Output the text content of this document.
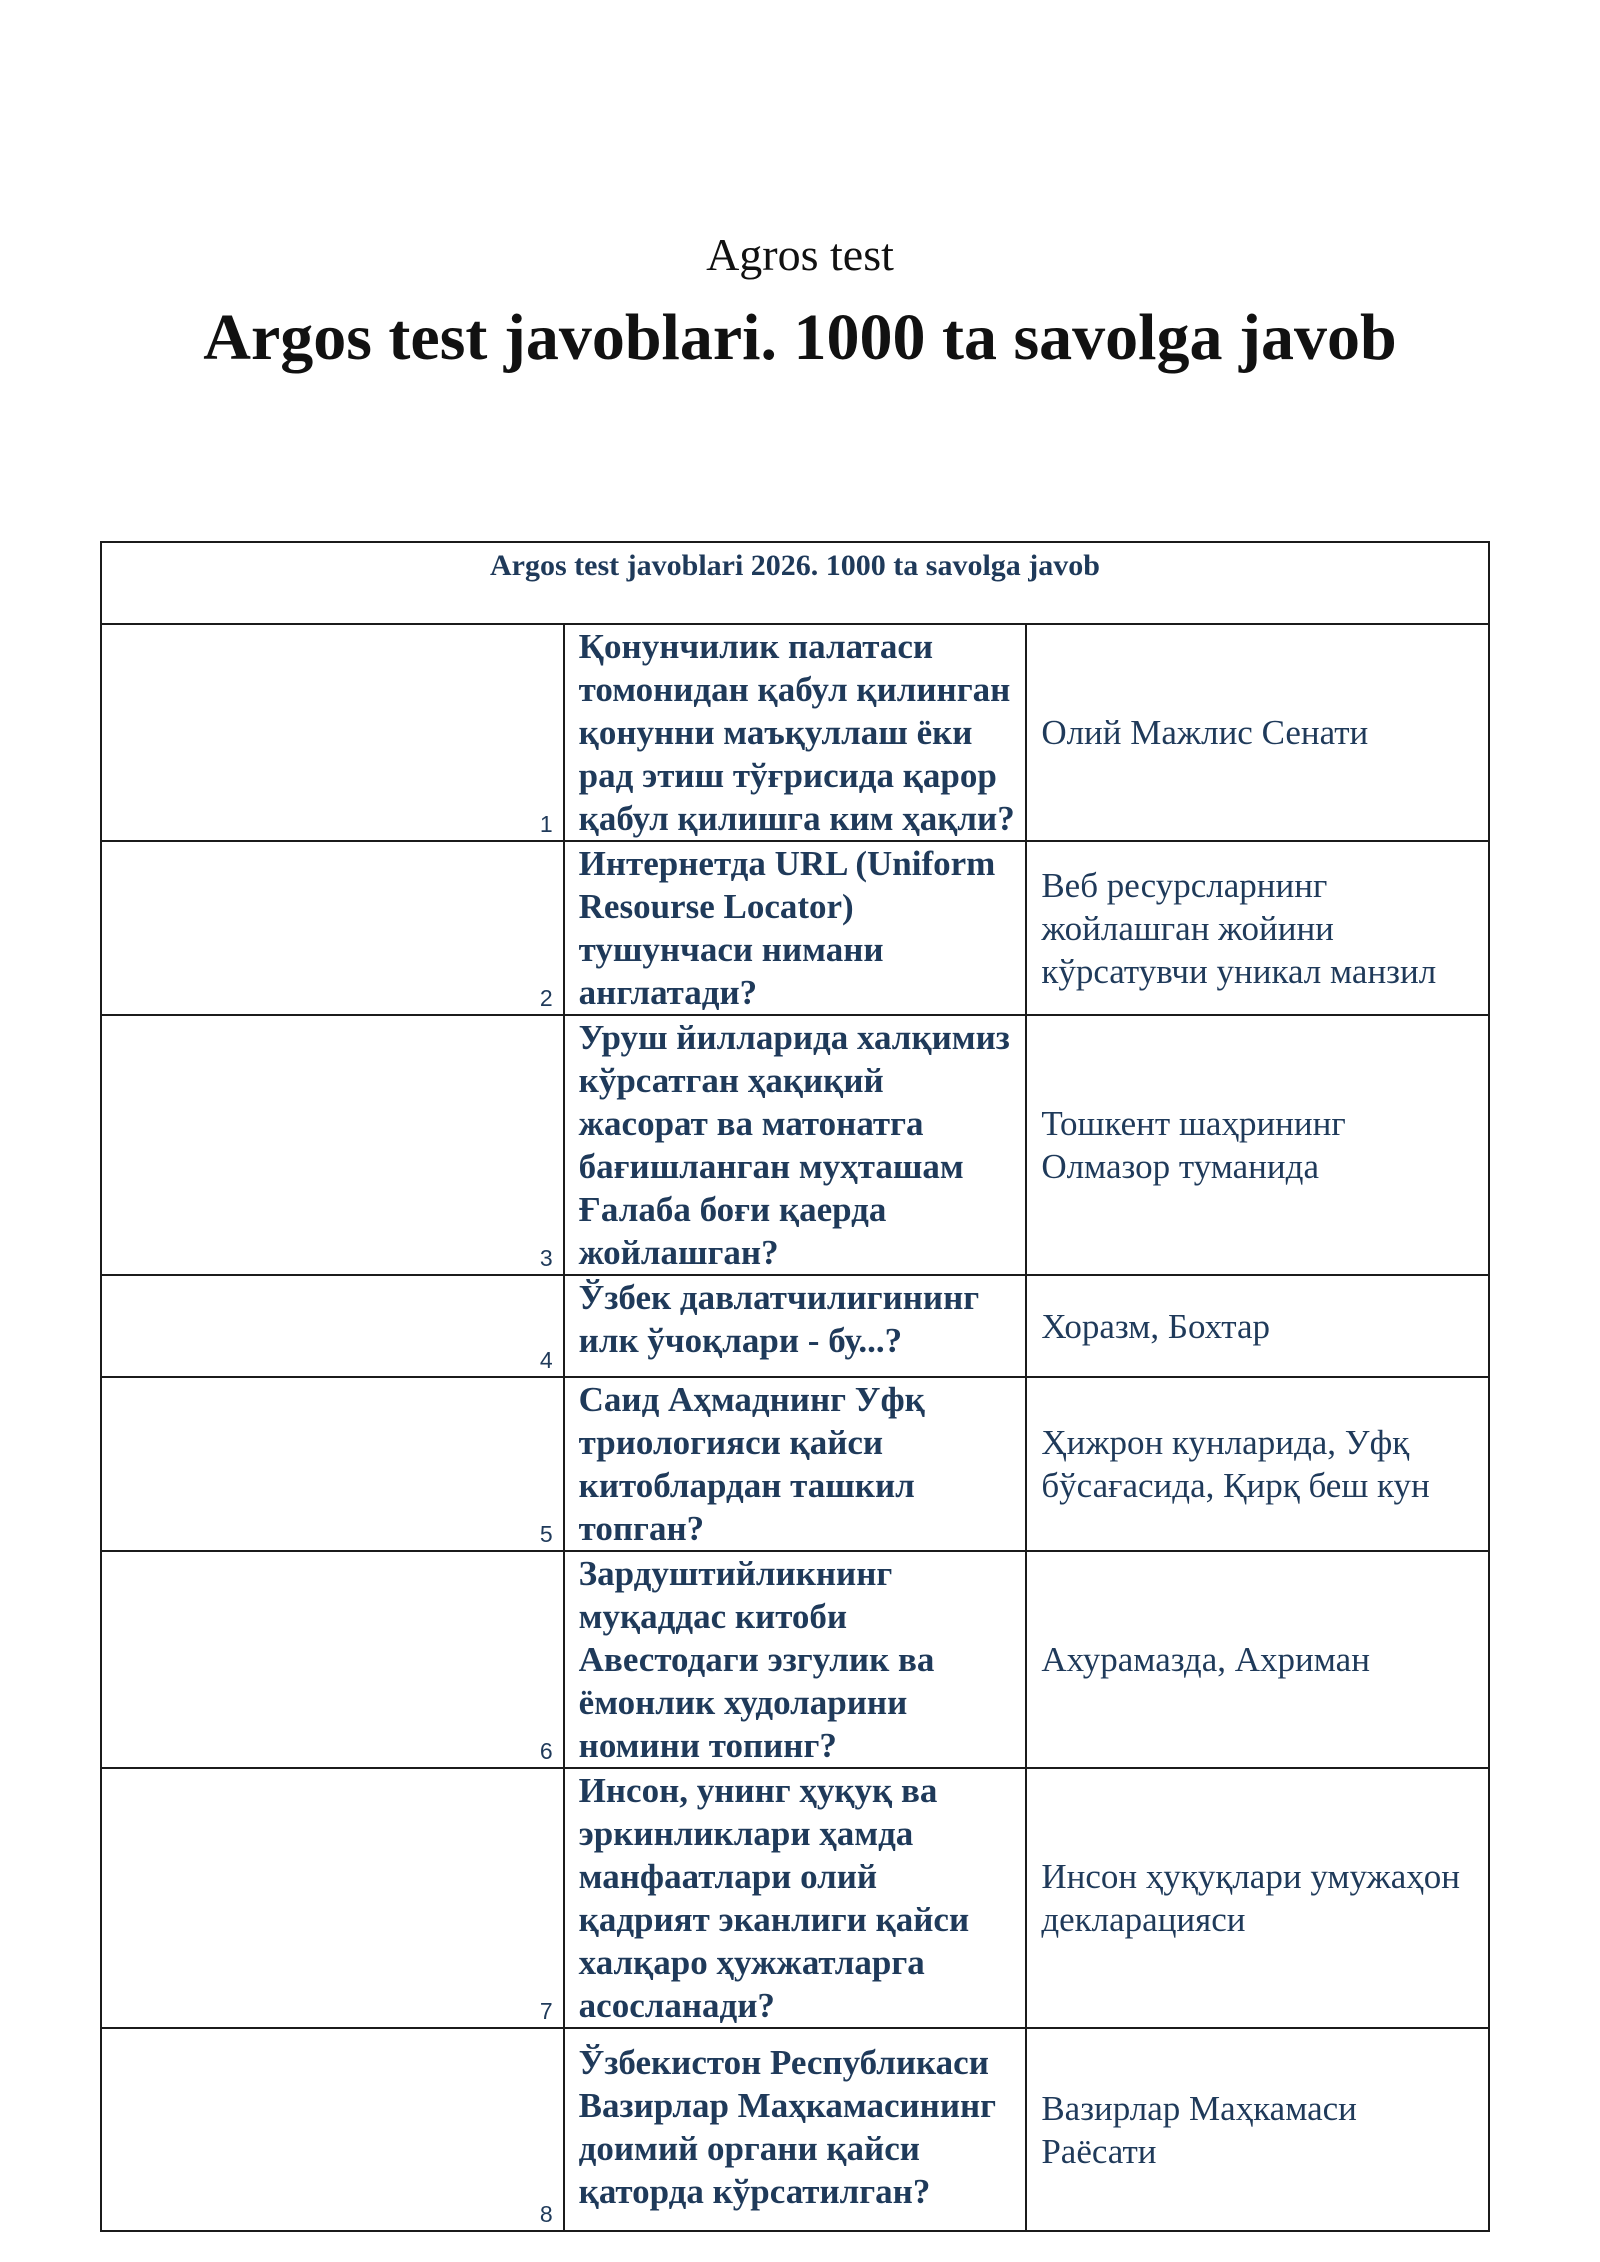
Agros test
Argos test javoblari. 1000 ta savolga javob
Argos test javoblari 2026. 1000 ta savolga javob		
1	Қонунчилик палатаси томонидан қабул қилинган қонунни маъқуллаш ёки рад этиш тўғрисида қарор қабул қилишга ким ҳақли?	Олий Мажлис Сенати
2	Интернетда URL (Uniform Resourse Locator) тушунчаси нимани англатади?	Веб ресурсларнинг жойлашган жойини кўрсатувчи уникал манзил
3	Уруш йилларида халқимиз кўрсатган ҳақиқий жасорат ва матонатга бағишланган муҳташам Ғалаба боғи қаерда жойлашган?	Тошкент шаҳрининг Олмазор туманида
4	Ўзбек давлатчилигининг илк ўчоқлари - бу...?	Хоразм, Бохтар
5	Саид Аҳмаднинг Уфқ триологияси қайси китоблардан ташкил топган?	Ҳижрон кунларида, Уфқ бўсағасида, Қирқ беш кун
6	Зардуштийликнинг муқаддас китоби Авестодаги эзгулик ва ёмонлик худоларини номини топинг?	Ахурамазда, Ахриман
7	Инсон, унинг ҳуқуқ ва эркинликлари ҳамда манфаатлари олий қадрият эканлиги қайси халқаро ҳужжатларга асосланади?	Инсон ҳуқуқлари умужаҳон декларацияси
8	Ўзбекистон Республикаси Вазирлар Маҳкамасининг доимий органи қайси қаторда кўрсатилган?	Вазирлар Маҳкамаси Раёсати
